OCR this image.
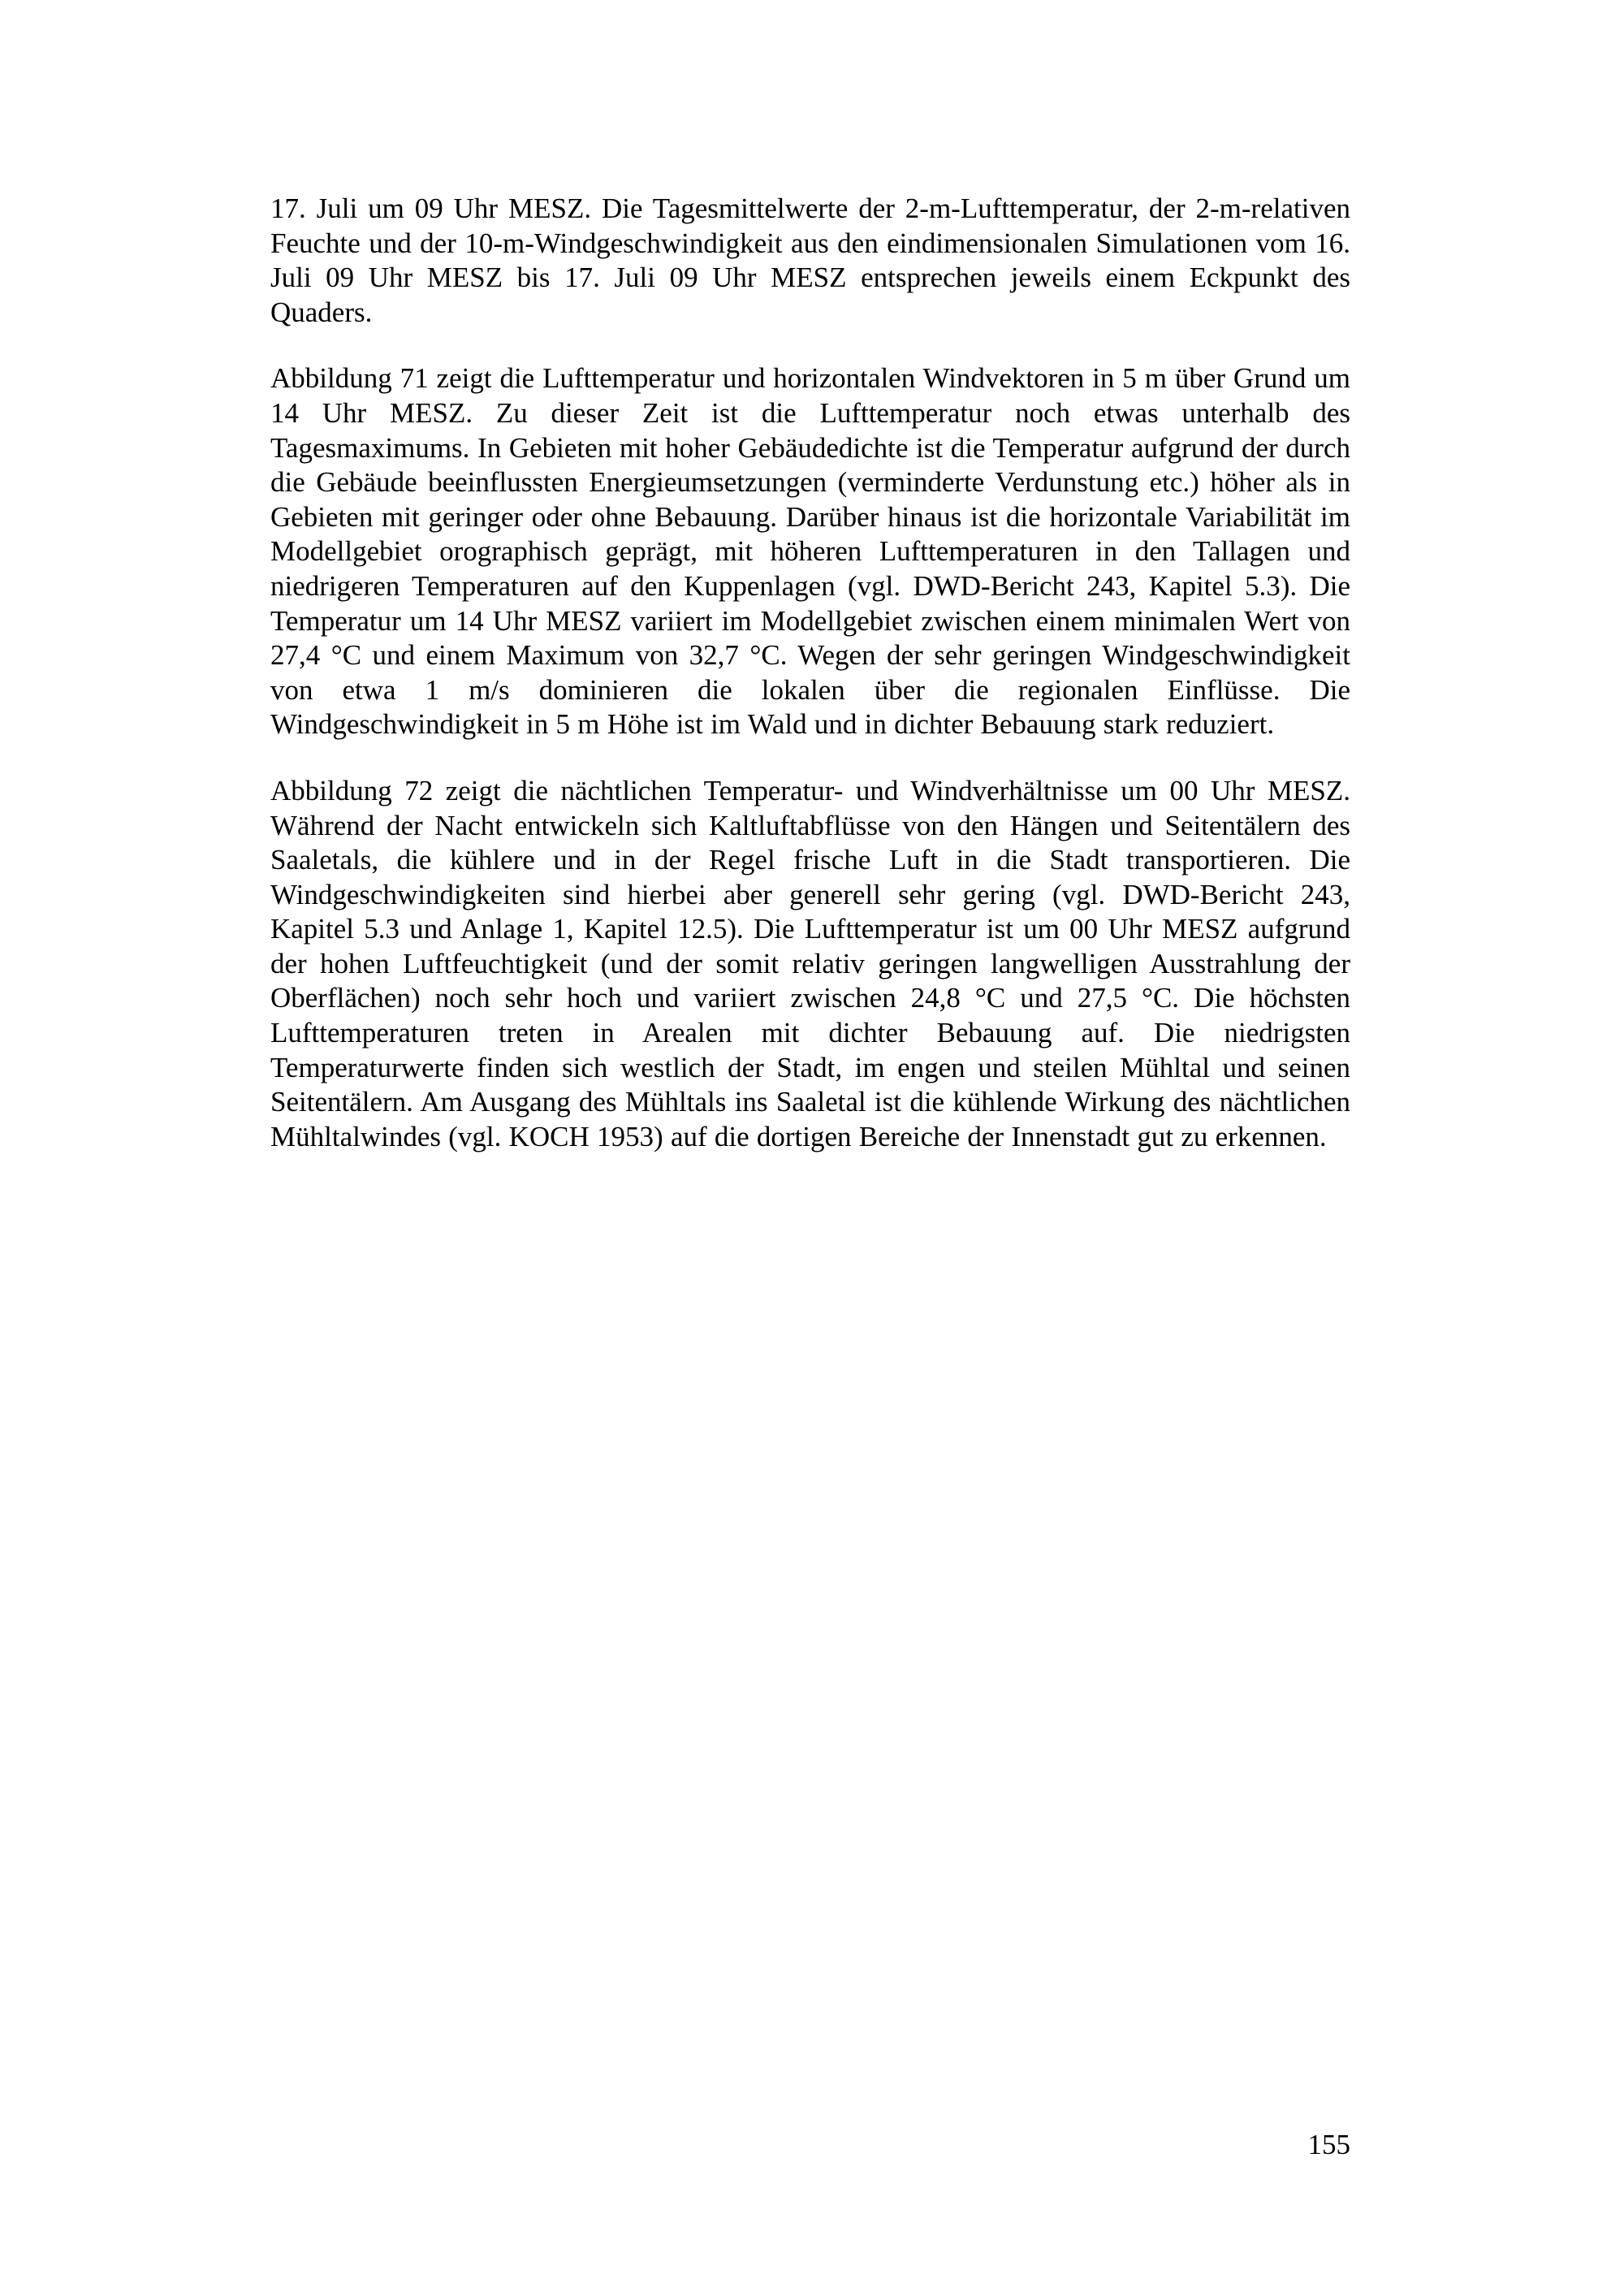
17. Juli um 09 Uhr MESZ. Die Tagesmittelwerte der 2-m-Lufttemperatur, der 2-m-relativen Feuchte und der 10-m-Windgeschwindigkeit aus den eindimensionalen Simulationen vom 16. Juli 09 Uhr MESZ bis 17. Juli 09 Uhr MESZ entsprechen jeweils einem Eckpunkt des Quaders.

Abbildung 71 zeigt die Lufttemperatur und horizontalen Windvektoren in 5 m über Grund um 14 Uhr MESZ. Zu dieser Zeit ist die Lufttemperatur noch etwas unterhalb des Tagesmaximums. In Gebieten mit hoher Gebäudedichte ist die Temperatur aufgrund der durch die Gebäude beeinflussten Energieumsetzungen (verminderte Verdunstung etc.) höher als in Gebieten mit geringer oder ohne Bebauung. Darüber hinaus ist die horizontale Variabilität im Modellgebiet orographisch geprägt, mit höheren Lufttemperaturen in den Tallagen und niedrigeren Temperaturen auf den Kuppenlagen (vgl. DWD-Bericht 243, Kapitel 5.3). Die Temperatur um 14 Uhr MESZ variiert im Modellgebiet zwischen einem minimalen Wert von 27,4 °C und einem Maximum von 32,7 °C. Wegen der sehr geringen Windgeschwindigkeit von etwa 1 m/s dominieren die lokalen über die regionalen Einflüsse. Die Windgeschwindigkeit in 5 m Höhe ist im Wald und in dichter Bebauung stark reduziert.

Abbildung 72 zeigt die nächtlichen Temperatur- und Windverhältnisse um 00 Uhr MESZ. Während der Nacht entwickeln sich Kaltluftabflüsse von den Hängen und Seitentälern des Saaletals, die kühlere und in der Regel frische Luft in die Stadt transportieren. Die Windgeschwindigkeiten sind hierbei aber generell sehr gering (vgl. DWD-Bericht 243, Kapitel 5.3 und Anlage 1, Kapitel 12.5). Die Lufttemperatur ist um 00 Uhr MESZ aufgrund der hohen Luftfeuchtigkeit (und der somit relativ geringen langwelligen Ausstrahlung der Oberflächen) noch sehr hoch und variiert zwischen 24,8 °C und 27,5 °C. Die höchsten Lufttemperaturen treten in Arealen mit dichter Bebauung auf. Die niedrigsten Temperaturwerte finden sich westlich der Stadt, im engen und steilen Mühltal und seinen Seitentälern. Am Ausgang des Mühltals ins Saaletal ist die kühlende Wirkung des nächtlichen Mühltalwindes (vgl. KOCH 1953) auf die dortigen Bereiche der Innenstadt gut zu erkennen.

155
